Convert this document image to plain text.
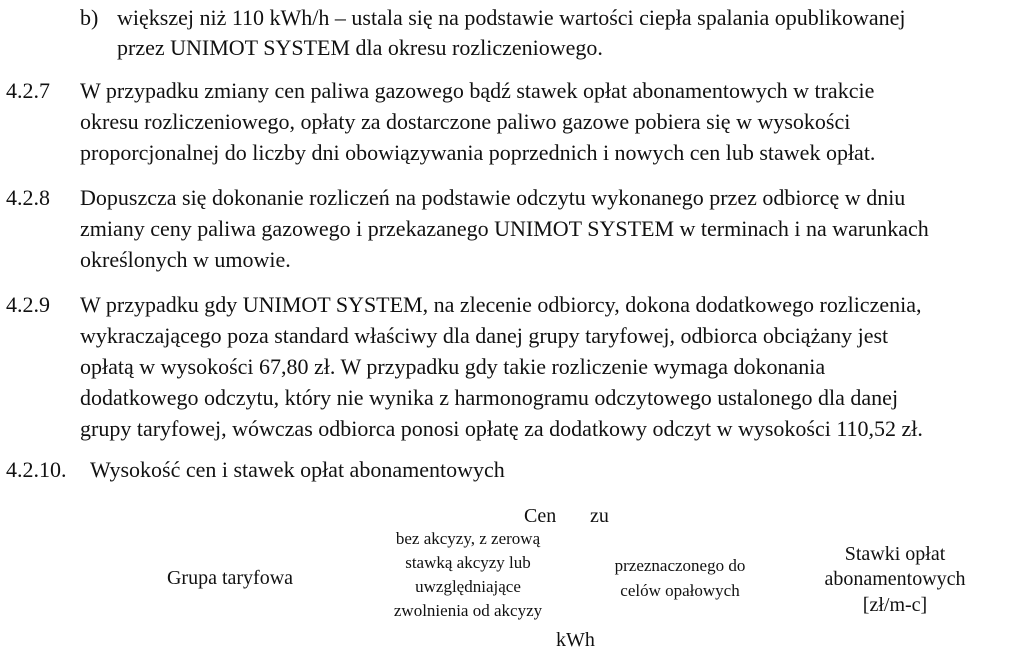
b) większej niż 110 kWh/h – ustala się na podstawie wartości ciepła spalania opublikowanej
przez UNIMOT SYSTEM dla okresu rozliczeniowego.
4.2.7 W przypadku zmiany cen paliwa gazowego bądź stawek opłat abonamentowych w trakcie
okresu rozliczeniowego, opłaty za dostarczone paliwo gazowe pobiera się w wysokości
proporcjonalnej do liczby dni obowiązywania poprzednich i nowych cen lub stawek opłat.
4.2.8 Dopuszcza się dokonanie rozliczeń na podstawie odczytu wykonanego przez odbiorcę w dniu
zmiany ceny paliwa gazowego i przekazanego UNIMOT SYSTEM w terminach i na warunkach
określonych w umowie.
4.2.9 W przypadku gdy UNIMOT SYSTEM, na zlecenie odbiorcy, dokona dodatkowego rozliczenia,
wykraczającego poza standard właściwy dla danej grupy taryfowej, odbiorca obciążany jest
opłatą w wysokości 67,80 zł. W przypadku gdy takie rozliczenie wymaga dokonania
dodatkowego odczytu, który nie wynika z harmonogramu odczytowego ustalonego dla danej
grupy taryfowej, wówczas odbiorca ponosi opłatę za dodatkowy odczyt w wysokości 110,52 zł.
4.2.10. Wysokość cen i stawek opłat abonamentowych
Cen zu
bez akcyzy, z zerową
stawką akcyzy lub
uwzględniające
zwolnienia od akcyzy
Grupa taryfowa
przeznaczonego do
celów opałowych
Stawki opłat
abonamentowych
[zł/m-c]
kWh
